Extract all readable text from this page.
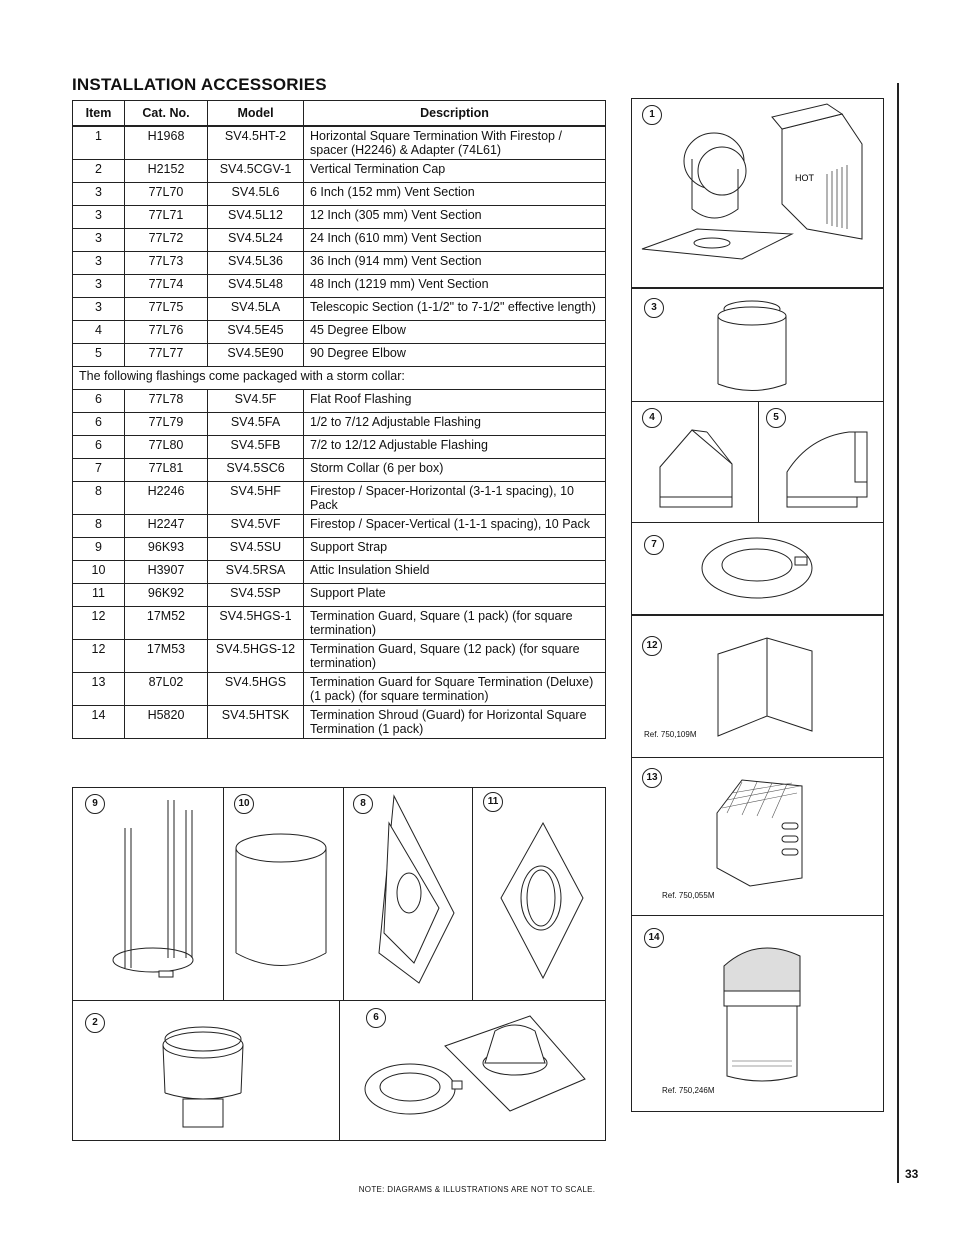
INSTALLATION ACCESSORIES
Item	Cat. No.	Model	Description
1	H1968	SV4.5HT-2	Horizontal Square Termination With Firestop / spacer (H2246) & Adapter (74L61)
2	H2152	SV4.5CGV-1	Vertical Termination Cap
3	77L70	SV4.5L6	6 Inch (152 mm) Vent Section
3	77L71	SV4.5L12	12 Inch (305 mm) Vent Section
3	77L72	SV4.5L24	24 Inch (610 mm) Vent Section
3	77L73	SV4.5L36	36 Inch (914 mm) Vent Section
3	77L74	SV4.5L48	48 Inch (1219 mm) Vent Section
3	77L75	SV4.5LA	Telescopic Section (1-1/2" to 7-1/2" effective length)
4	77L76	SV4.5E45	45 Degree Elbow
5	77L77	SV4.5E90	90 Degree Elbow
The following flashings come packaged with a storm collar:			
6	77L78	SV4.5F	Flat Roof Flashing
6	77L79	SV4.5FA	1/2 to 7/12 Adjustable Flashing
6	77L80	SV4.5FB	7/2 to 12/12 Adjustable Flashing
7	77L81	SV4.5SC6	Storm Collar (6 per box)
8	H2246	SV4.5HF	Firestop / Spacer-Horizontal (3-1-1 spacing), 10 Pack
8	H2247	SV4.5VF	Firestop / Spacer-Vertical (1-1-1 spacing), 10 Pack
9	96K93	SV4.5SU	Support Strap
10	H3907	SV4.5RSA	Attic Insulation Shield
11	96K92	SV4.5SP	Support Plate
12	17M52	SV4.5HGS-1	Termination Guard, Square (1 pack) (for square termination)
12	17M53	SV4.5HGS-12	Termination Guard, Square (12 pack) (for square termination)
13	87L02	SV4.5HGS	Termination Guard for Square Termination (Deluxe) (1 pack) (for square termination)
14	H5820	SV4.5HTSK	Termination Shroud (Guard) for Horizontal Square Termination (1 pack)
1
HOT
3
4	5
7
12
Ref. 750,109M
13
Ref. 750,055M
14
Ref. 750,246M
9	10	8	11
2	6
33
NOTE: DIAGRAMS & ILLUSTRATIONS ARE NOT TO SCALE.
